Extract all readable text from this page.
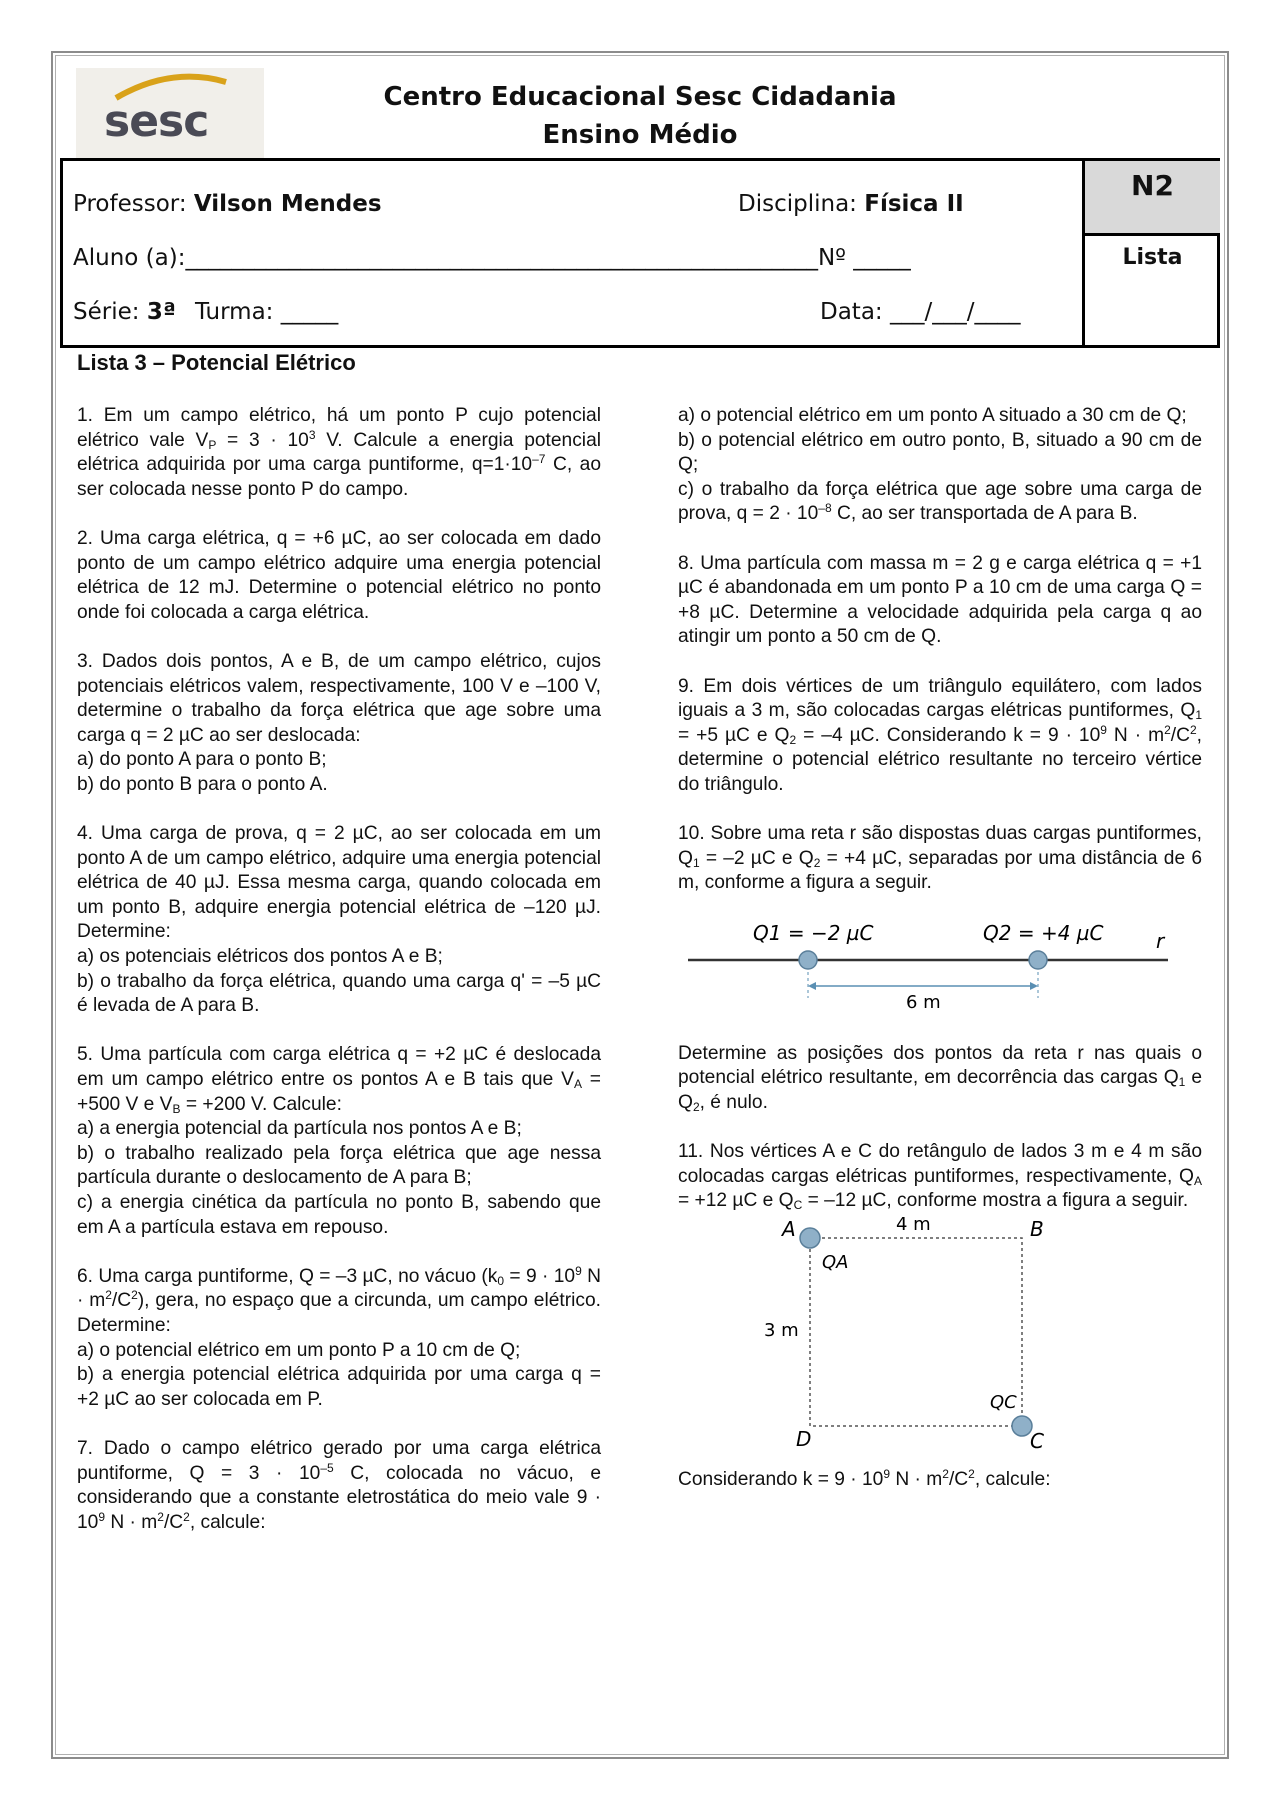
sesc	Centro Educacional Sesc Cidadania
Ensino Médio
Professor: Vilson Mendes	Disciplina: Física II
Aluno (a):_______________________________________________________Nº _____
Série: 3ª Turma: _____	Data: ___/___/____
N2
Lista
Lista 3 – Potencial Elétrico

1. Em um campo elétrico, há um ponto P cujo potencial elétrico vale $V_P = 3 \cdot 10^3$ V. Calcule a energia potencial elétrica adquirida por uma carga puntiforme, $q=1\cdot 10^{-7}$ C, ao ser colocada nesse ponto P do campo.

2. Uma carga elétrica, q = +6 µC, ao ser colocada em dado ponto de um campo elétrico adquire uma energia potencial elétrica de 12 mJ. Determine o potencial elétrico no ponto onde foi colocada a carga elétrica.

3. Dados dois pontos, A e B, de um campo elétrico, cujos potenciais elétricos valem, respectivamente, 100 V e –100 V, determine o trabalho da força elétrica que age sobre uma carga q = 2 µC ao ser deslocada:
a) do ponto A para o ponto B;
b) do ponto B para o ponto A.

4. Uma carga de prova, q = 2 µC, ao ser colocada em um ponto A de um campo elétrico, adquire uma energia potencial elétrica de 40 µJ. Essa mesma carga, quando colocada em um ponto B, adquire energia potencial elétrica de –120 µJ. Determine:
a) os potenciais elétricos dos pontos A e B;
b) o trabalho da força elétrica, quando uma carga q' = –5 µC é levada de A para B.

5. Uma partícula com carga elétrica q = +2 µC é deslocada em um campo elétrico entre os pontos A e B tais que $V_A = +500$ V e $V_B = +200$ V. Calcule:
a) a energia potencial da partícula nos pontos A e B;
b) o trabalho realizado pela força elétrica que age nessa partícula durante o deslocamento de A para B;
c) a energia cinética da partícula no ponto B, sabendo que em A a partícula estava em repouso.

6. Uma carga puntiforme, Q = –3 µC, no vácuo ($k_0 = 9 \cdot 10^9$ $N \cdot m^2/C^2$), gera, no espaço que a circunda, um campo elétrico. Determine:
a) o potencial elétrico em um ponto P a 10 cm de Q;
b) a energia potencial elétrica adquirida por uma carga q = +2 µC ao ser colocada em P.

7. Dado o campo elétrico gerado por uma carga elétrica puntiforme, $Q = 3 \cdot 10^{-5}$ C, colocada no vácuo, e considerando que a constante eletrostática do meio vale $9 \cdot 10^9$ $N \cdot m^2/C^2$, calcule:

a) o potencial elétrico em um ponto A situado a 30 cm de Q;
b) o potencial elétrico em outro ponto, B, situado a 90 cm de Q;
c) o trabalho da força elétrica que age sobre uma carga de prova, $q = 2 \cdot 10^{-8}$ C, ao ser transportada de A para B.

8. Uma partícula com massa m = 2 g e carga elétrica q = +1 µC é abandonada em um ponto P a 10 cm de uma carga Q = +8 µC. Determine a velocidade adquirida pela carga q ao atingir um ponto a 50 cm de Q.

9. Em dois vértices de um triângulo equilátero, com lados iguais a 3 m, são colocadas cargas elétricas puntiformes, $Q_1 = +5$ µC e $Q_2 = -4$ µC. Considerando $k = 9 \cdot 10^9$ $N \cdot m^2/C^2$, determine o potencial elétrico resultante no terceiro vértice do triângulo.

10. Sobre uma reta r são dispostas duas cargas puntiformes, $Q_1 = -2$ µC e $Q_2 = +4$ µC, separadas por uma distância de 6 m, conforme a figura a seguir.

Q1 = −2 µC	Q2 = +4 µC	r
6 m

Determine as posições dos pontos da reta r nas quais o potencial elétrico resultante, em decorrência das cargas $Q_1$ e $Q_2$, é nulo.

11. Nos vértices A e C do retângulo de lados 3 m e 4 m são colocadas cargas elétricas puntiformes, respectivamente, $Q_A = +12$ µC e $Q_C = -12$ µC, conforme mostra a figura a seguir.

A	B
C
D
QA
QC
4 m
3 m

Considerando $k = 9 \cdot 10^9$ $N \cdot m^2/C^2$, calcule:
